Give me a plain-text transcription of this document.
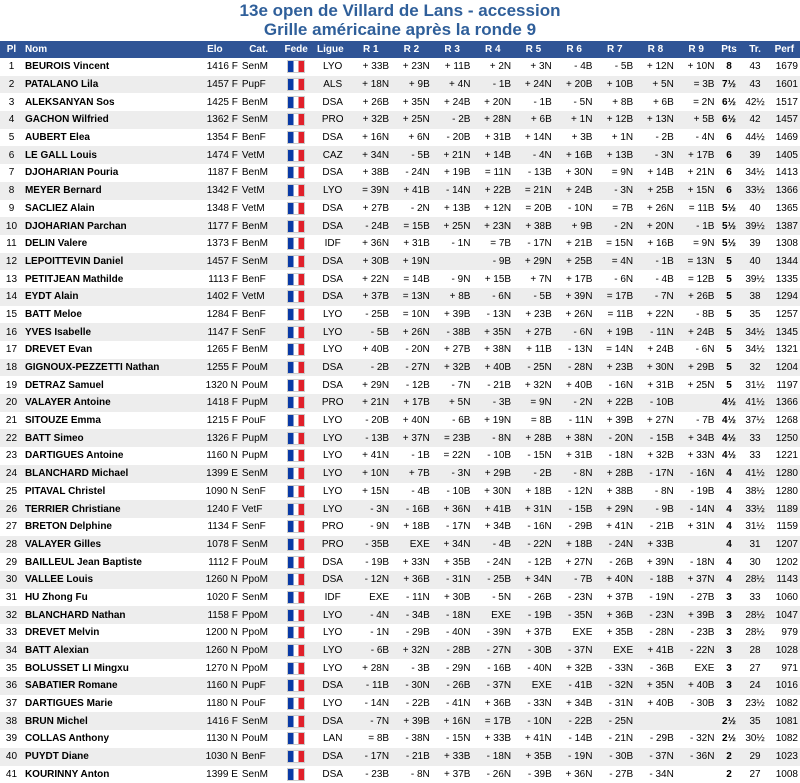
13e open de Villard de Lans - accession
Grille américaine après la ronde 9
Pl	Nom	Elo	Cat.	Fede	Ligue	R 1	R 2	R 3	R 4	R 5	R 6	R 7	R 8	R 9	Pts	Tr.	Perf
1	BEUROIS Vincent	1416 F	SenM		LYO	+ 33B	+ 23N	+ 11B	+ 2N	+ 3N	- 4B	- 5B	+ 12N	+ 10N	8	43	1679
2	PATALANO Lila	1457 F	PupF		ALS	+ 18N	+ 9B	+ 4N	- 1B	+ 24N	+ 20B	+ 10B	+ 5N	= 3B	7½	43	1601
3	ALEKSANYAN Sos	1425 F	BenM		DSA	+ 26B	+ 35N	+ 24B	+ 20N	- 1B	- 5N	+ 8B	+ 6B	= 2N	6½	42½	1517
4	GACHON Wilfried	1362 F	SenM		PRO	+ 32B	+ 25N	- 2B	+ 28N	+ 6B	+ 1N	+ 12B	+ 13N	+ 5B	6½	42	1457
5	AUBERT Elea	1354 F	BenF		DSA	+ 16N	+ 6N	- 20B	+ 31B	+ 14N	+ 3B	+ 1N	- 2B	- 4N	6	44½	1469
6	LE GALL Louis	1474 F	VetM		CAZ	+ 34N	- 5B	+ 21N	+ 14B	- 4N	+ 16B	+ 13B	- 3N	+ 17B	6	39	1405
7	DJOHARIAN Pouria	1187 F	BenM		DSA	+ 38B	- 24N	+ 19B	= 11N	- 13B	+ 30N	= 9N	+ 14B	+ 21N	6	34½	1413
8	MEYER Bernard	1342 F	VetM		LYO	= 39N	+ 41B	- 14N	+ 22B	= 21N	+ 24B	- 3N	+ 25B	+ 15N	6	33½	1366
9	SACLIEZ Alain	1348 F	VetM		DSA	+ 27B	- 2N	+ 13B	+ 12N	= 20B	- 10N	= 7B	+ 26N	= 11B	5½	40	1365
10	DJOHARIAN Parchan	1177 F	BenM		DSA	- 24B	= 15B	+ 25N	+ 23N	+ 38B	+ 9B	- 2N	+ 20N	- 1B	5½	39½	1387
11	DELIN Valere	1373 F	BenM		IDF	+ 36N	+ 31B	- 1N	= 7B	- 17N	+ 21B	= 15N	+ 16B	= 9N	5½	39	1308
12	LEPOITTEVIN Daniel	1457 F	SenM		DSA	+ 30B	+ 19N		- 9B	+ 29N	+ 25B	= 4N	- 1B	= 13N	5	40	1344
13	PETITJEAN Mathilde	1113 F	BenF		DSA	+ 22N	= 14B	- 9N	+ 15B	+ 7N	+ 17B	- 6N	- 4B	= 12B	5	39½	1335
14	EYDT Alain	1402 F	VetM		DSA	+ 37B	= 13N	+ 8B	- 6N	- 5B	+ 39N	= 17B	- 7N	+ 26B	5	38	1294
15	BATT Meloe	1284 F	BenF		LYO	- 25B	= 10N	+ 39B	- 13N	+ 23B	+ 26N	= 11B	+ 22N	- 8B	5	35	1257
16	YVES Isabelle	1147 F	SenF		LYO	- 5B	+ 26N	- 38B	+ 35N	+ 27B	- 6N	+ 19B	- 11N	+ 24B	5	34½	1345
17	DREVET Evan	1265 F	BenM		LYO	+ 40B	- 20N	+ 27B	+ 38N	+ 11B	- 13N	= 14N	+ 24B	- 6N	5	34½	1321
18	GIGNOUX-PEZZETTI Nathan	1255 F	PouM		DSA	- 2B	- 27N	+ 32B	+ 40B	- 25N	- 28N	+ 23B	+ 30N	+ 29B	5	32	1204
19	DETRAZ Samuel	1320 N	PouM		DSA	+ 29N	- 12B	- 7N	- 21B	+ 32N	+ 40B	- 16N	+ 31B	+ 25N	5	31½	1197
20	VALAYER Antoine	1418 F	PupM		PRO	+ 21N	+ 17B	+ 5N	- 3B	= 9N	- 2N	+ 22B	- 10B		4½	41½	1366
21	SITOUZE Emma	1215 F	PouF		LYO	- 20B	+ 40N	- 6B	+ 19N	= 8B	- 11N	+ 39B	+ 27N	- 7B	4½	37½	1268
22	BATT Simeo	1326 F	PupM		LYO	- 13B	+ 37N	= 23B	- 8N	+ 28B	+ 38N	- 20N	- 15B	+ 34B	4½	33	1250
23	DARTIGUES Antoine	1160 N	PupM		LYO	+ 41N	- 1B	= 22N	- 10B	- 15N	+ 31B	- 18N	+ 32B	+ 33N	4½	33	1221
24	BLANCHARD Michael	1399 E	SenM		LYO	+ 10N	+ 7B	- 3N	+ 29B	- 2B	- 8N	+ 28B	- 17N	- 16N	4	41½	1280
25	PITAVAL Christel	1090 N	SenF		LYO	+ 15N	- 4B	- 10B	+ 30N	+ 18B	- 12N	+ 38B	- 8N	- 19B	4	38½	1280
26	TERRIER Christiane	1240 F	VetF		LYO	- 3N	- 16B	+ 36N	+ 41B	+ 31N	- 15B	+ 29N	- 9B	- 14N	4	33½	1189
27	BRETON Delphine	1134 F	SenF		PRO	- 9N	+ 18B	- 17N	+ 34B	- 16N	- 29B	+ 41N	- 21B	+ 31N	4	31½	1159
28	VALAYER Gilles	1078 F	SenM		PRO	- 35B	EXE	+ 34N	- 4B	- 22N	+ 18B	- 24N	+ 33B		4	31	1207
29	BAILLEUL Jean Baptiste	1112 F	PouM		DSA	- 19B	+ 33N	+ 35B	- 24N	- 12B	+ 27N	- 26B	+ 39N	- 18N	4	30	1202
30	VALLEE Louis	1260 N	PpoM		DSA	- 12N	+ 36B	- 31N	- 25B	+ 34N	- 7B	+ 40N	- 18B	+ 37N	4	28½	1143
31	HU Zhong Fu	1020 F	SenM		IDF	EXE	- 11N	+ 30B	- 5N	- 26B	- 23N	+ 37B	- 19N	- 27B	3	33	1060
32	BLANCHARD Nathan	1158 F	PpoM		LYO	- 4N	- 34B	- 18N	EXE	- 19B	- 35N	+ 36B	- 23N	+ 39B	3	28½	1047
33	DREVET Melvin	1200 N	PpoM		LYO	- 1N	- 29B	- 40N	- 39N	+ 37B	EXE	+ 35B	- 28N	- 23B	3	28½	979
34	BATT Alexian	1260 N	PpoM		LYO	- 6B	+ 32N	- 28B	- 27N	- 30B	- 37N	EXE	+ 41B	- 22N	3	28	1028
35	BOLUSSET LI Mingxu	1270 N	PpoM		LYO	+ 28N	- 3B	- 29N	- 16B	- 40N	+ 32B	- 33N	- 36B	EXE	3	27	971
36	SABATIER Romane	1160 N	PupF		DSA	- 11B	- 30N	- 26B	- 37N	EXE	- 41B	- 32N	+ 35N	+ 40B	3	24	1016
37	DARTIGUES Marie	1180 N	PouF		LYO	- 14N	- 22B	- 41N	+ 36B	- 33N	+ 34B	- 31N	+ 40B	- 30B	3	23½	1082
38	BRUN Michel	1416 F	SenM		DSA	- 7N	+ 39B	+ 16N	= 17B	- 10N	- 22B	- 25N			2½	35	1081
39	COLLAS Anthony	1130 N	PouM		LAN	= 8B	- 38N	- 15N	+ 33B	+ 41N	- 14B	- 21N	- 29B	- 32N	2½	30½	1082
40	PUYDT Diane	1030 N	BenF		DSA	- 17N	- 21B	+ 33B	- 18N	+ 35B	- 19N	- 30B	- 37N	- 36N	2	29	1023
41	KOURINNY Anton	1399 E	SenM		DSA	- 23B	- 8N	+ 37B	- 26N	- 39B	+ 36N	- 27B	- 34N		2	27	1008
